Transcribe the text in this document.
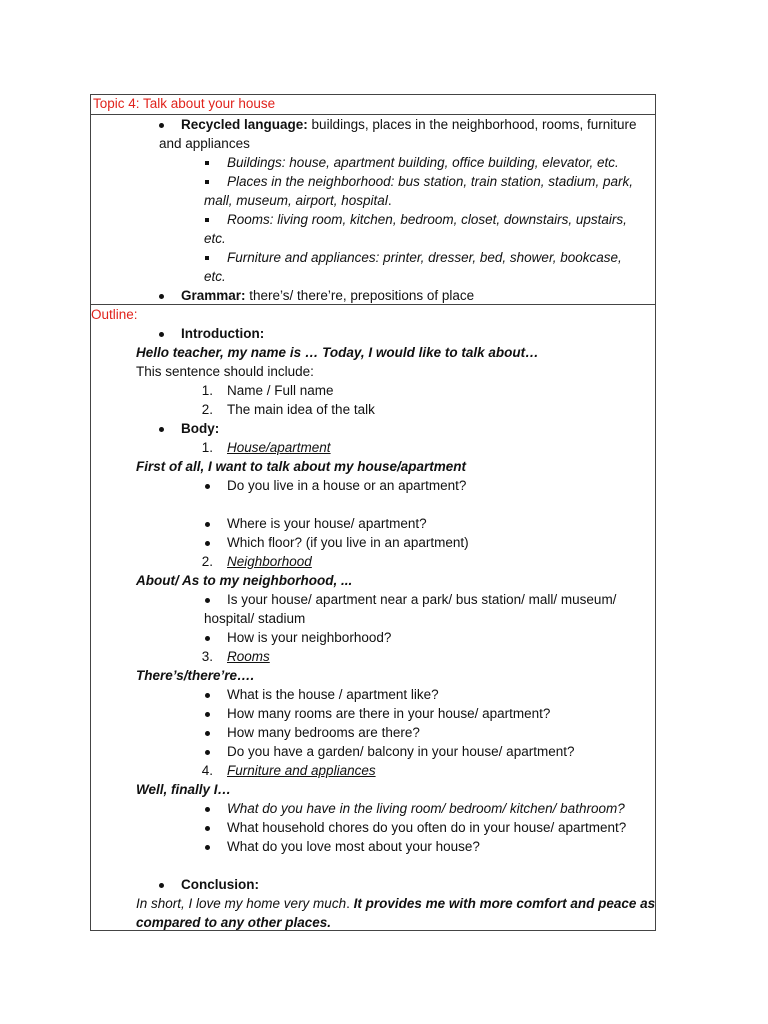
Topic 4: Talk about your house
Recycled language: buildings, places in the neighborhood, rooms, furniture
and appliances
Buildings: house, apartment building, office building, elevator, etc.
Places in the neighborhood: bus station, train station, stadium, park,
mall, museum, airport, hospital.
Rooms: living room, kitchen, bedroom, closet, downstairs, upstairs,
etc.
Furniture and appliances: printer, dresser, bed, shower, bookcase,
etc.
Grammar: there’s/ there’re, prepositions of place
Outline:
Introduction:
Hello teacher, my name is … Today, I would like to talk about…
This sentence should include:
1. Name / Full name
2. The main idea of the talk
Body:
1. House/apartment
First of all, I want to talk about my house/apartment
Do you live in a house or an apartment?
Where is your house/ apartment?
Which floor? (if you live in an apartment)
2. Neighborhood
About/ As to my neighborhood, ...
Is your house/ apartment near a park/ bus station/ mall/ museum/
hospital/ stadium
How is your neighborhood?
3. Rooms
There’s/there’re….
What is the house / apartment like?
How many rooms are there in your house/ apartment?
How many bedrooms are there?
Do you have a garden/ balcony in your house/ apartment?
4. Furniture and appliances
Well, finally I…
What do you have in the living room/ bedroom/ kitchen/ bathroom?
What household chores do you often do in your house/ apartment?
What do you love most about your house?
Conclusion:
In short, I love my home very much. It provides me with more comfort and peace as
compared to any other places.
